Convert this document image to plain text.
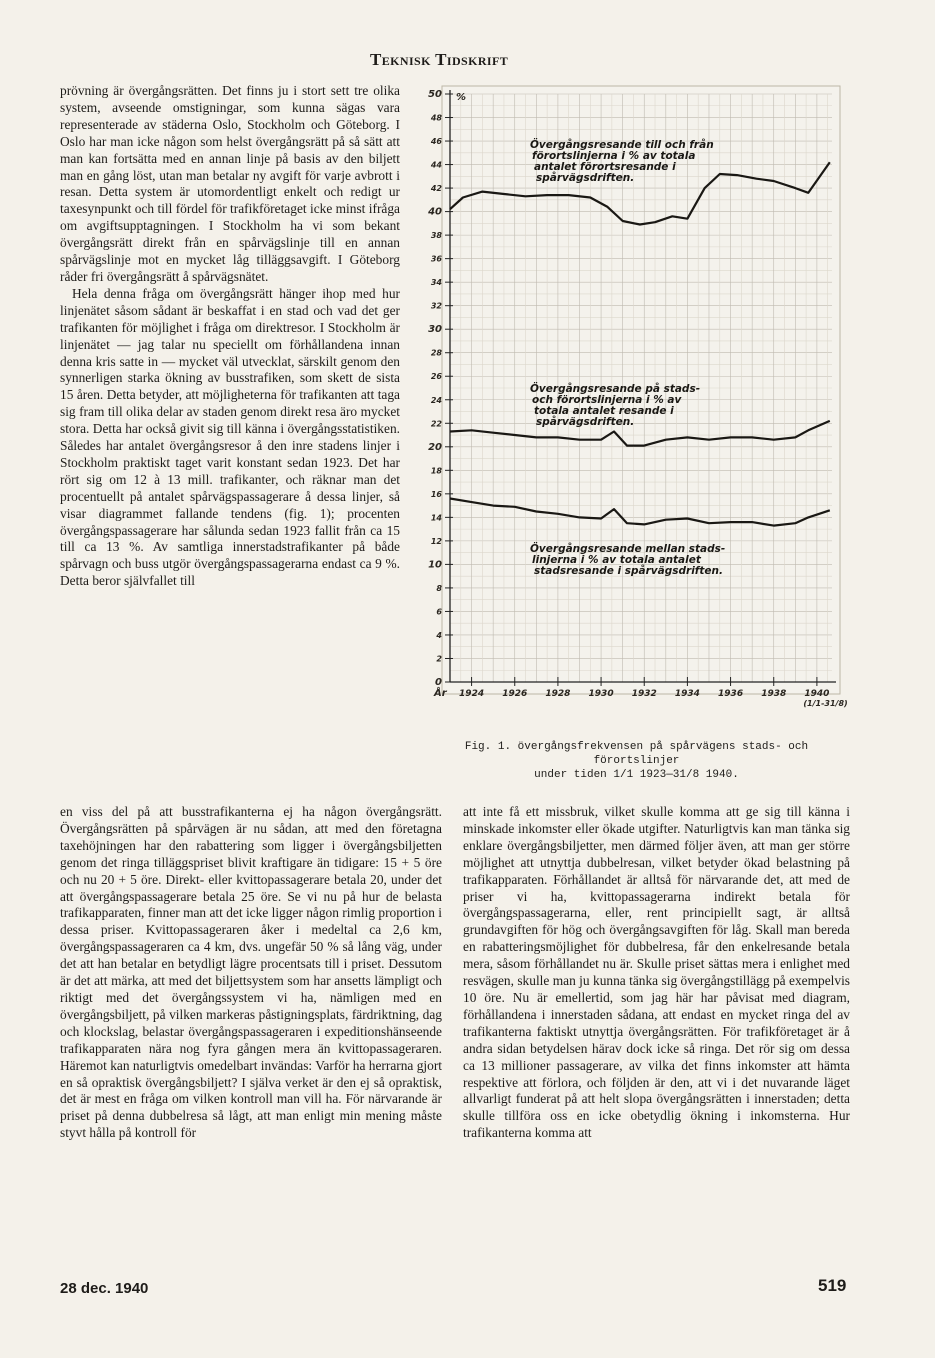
Teknisk Tidskrift

prövning är övergångsrätten. Det finns ju i stort sett tre olika system, avseende omstigningar, som kunna sägas vara representerade av städerna Oslo, Stockholm och Göteborg. I Oslo har man icke någon som helst övergångsrätt på så sätt att man kan fortsätta med en annan linje på basis av den biljett man en gång löst, utan man betalar ny avgift för varje avbrott i resan. Detta system är utomordentligt enkelt och redigt ur taxesynpunkt och till fördel för trafikföretaget icke minst ifråga om avgiftsupptagningen. I Stockholm ha vi som bekant övergångsrätt direkt från en spårvägslinje till en annan spårvägslinje mot en mycket låg tilläggsavgift. I Göteborg råder fri övergångsrätt å spårvägsnätet.

Hela denna fråga om övergångsrätt hänger ihop med hur linjenätet såsom sådant är beskaffat i en stad och vad det ger trafikanten för möjlighet i fråga om direktresor. I Stockholm är linjenätet — jag talar nu speciellt om förhållandena innan denna kris satte in — mycket väl utvecklat, särskilt genom den synnerligen starka ökning av busstrafiken, som skett de sista 15 åren. Detta betyder, att möjligheterna för trafikanten att taga sig fram till olika delar av staden genom direkt resa äro mycket stora. Detta har också givit sig till känna i övergångsstatistiken. Således har antalet övergångsresor å den inre stadens linjer i Stockholm praktiskt taget varit konstant sedan 1923. Det har rört sig om 12 à 13 mill. trafikanter, och räknar man det procentuellt på antalet spårvägspassagerare å dessa linjer, så visar diagrammet fallande tendens (fig. 1); procenten övergångspassagerare har sålunda sedan 1923 fallit från ca 15 till ca 13 %. Av samtliga innerstadstrafikanter på både spårvagn och buss utgör övergångspassagerarna endast ca 9 %. Detta beror självfallet till

0
2
4
6
8
10
12
14
16
18
20
22
24
26
28
30
32
34
36
38
40
42
44
46
48
50 %
År 1924 1926 1928 1930 1932 1934 1936 1938 1940
(1/1-31/8)
Övergångsresande till och från
förortslinjerna i % av totala
antalet förortsresande i
spårvägsdriften.
Övergångsresande på stads-
och förortslinjerna i % av
totala antalet resande i
spårvägsdriften.
Övergångsresande mellan stads-
linjerna i % av totala antalet
stadsresande i spårvägsdriften.
Fig. 1. övergångsfrekvensen på spårvägens stads- och förortslinjer
under tiden 1/1 1923—31/8 1940.

en viss del på att busstrafikanterna ej ha någon övergångsrätt. Övergångsrätten på spårvägen är nu sådan, att med den företagna taxehöjningen har den rabattering som ligger i övergångsbiljetten genom det ringa tilläggspriset blivit kraftigare än tidigare: 15 + 5 öre och nu 20 + 5 öre. Direkt- eller kvittopassagerare betala 20, under det att övergångspassagerare betala 25 öre. Se vi nu på hur de belasta trafikapparaten, finner man att det icke ligger någon rimlig proportion i dessa priser. Kvittopassageraren åker i medeltal ca 2,6 km, övergångspassageraren ca 4 km, dvs. ungefär 50 % så lång väg, under det att han betalar en betydligt lägre procentsats till i priset. Dessutom är det att märka, att med det biljettsystem som har ansetts lämpligt och riktigt med det övergångssystem vi ha, nämligen med en övergångsbiljett, på vilken markeras påstigningsplats, färdriktning, dag och klockslag, belastar övergångspassageraren i expeditionshänseende trafikapparaten nära nog fyra gången mera än kvittopassageraren. Häremot kan naturligtvis omedelbart invändas: Varför ha herrarna gjort en så opraktisk övergångsbiljett? I själva verket är den ej så opraktisk, det är mest en fråga om vilken kontroll man vill ha. För närvarande är priset på denna dubbelresa så lågt, att man enligt min mening måste styvt hålla på kontroll för

att inte få ett missbruk, vilket skulle komma att ge sig till känna i minskade inkomster eller ökade utgifter. Naturligtvis kan man tänka sig enklare övergångsbiljetter, men därmed följer även, att man ger större möjlighet att utnyttja dubbelresan, vilket betyder ökad belastning på trafikapparaten. Förhållandet är alltså för närvarande det, att med de priser vi ha, kvittopassagerarna indirekt betala för övergångspassagerarna, eller, rent principiellt sagt, är alltså grundavgiften för hög och övergångsavgiften för låg. Skall man bereda en rabatteringsmöjlighet för dubbelresa, får den enkelresande betala mera, såsom förhållandet nu är. Skulle priset sättas mera i enlighet med resvägen, skulle man ju kunna tänka sig övergångstillägg på exempelvis 10 öre. Nu är emellertid, som jag här har påvisat med diagram, förhållandena i innerstaden sådana, att endast en mycket ringa del av trafikanterna faktiskt utnyttja övergångsrätten. För trafikföretaget är å andra sidan betydelsen härav dock icke så ringa. Det rör sig om dessa ca 13 millioner passagerare, av vilka det finns inkomster att hämta respektive att förlora, och följden är den, att vi i det nuvarande läget allvarligt funderat på att helt slopa övergångsrätten i innerstaden; detta skulle tillföra oss en icke obetydlig ökning i inkomsterna. Hur trafikanterna komma att

28 dec. 1940	519
